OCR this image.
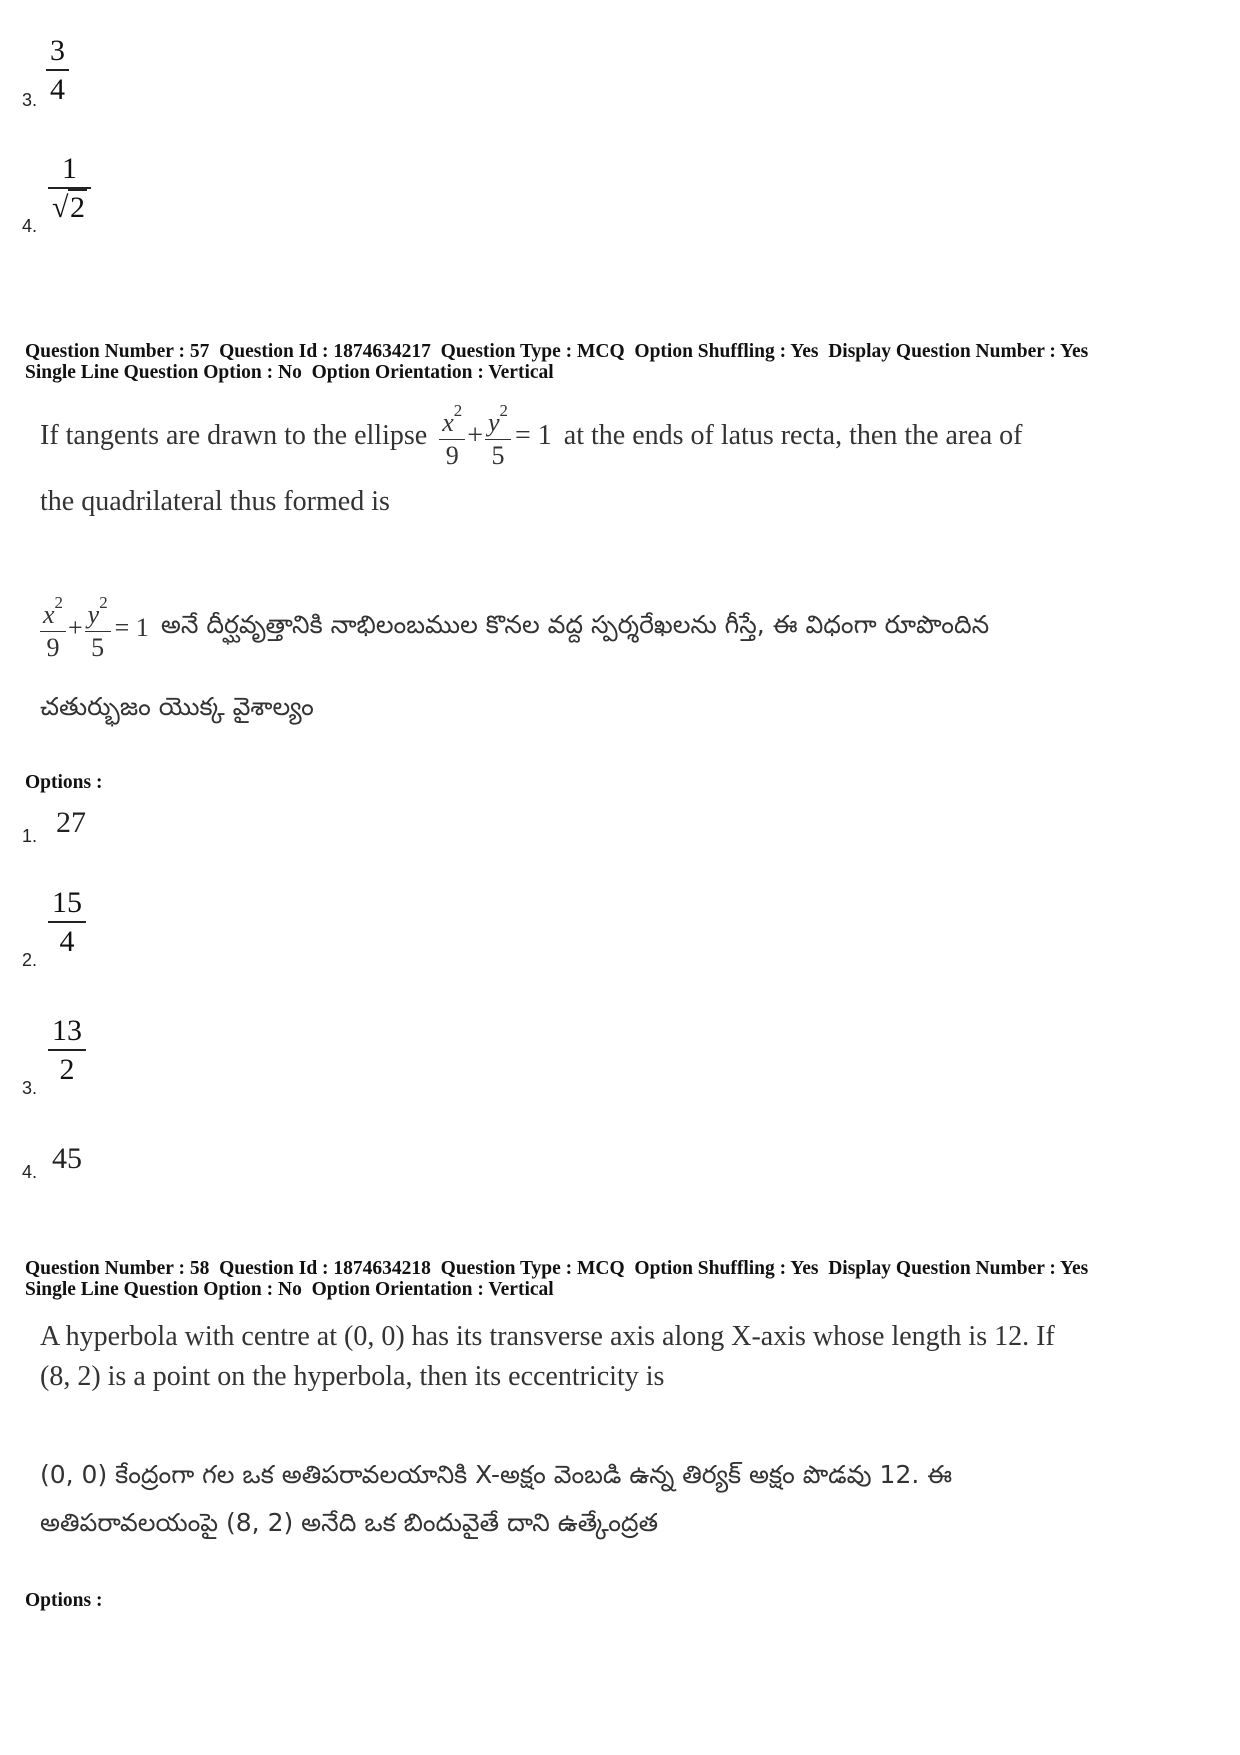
3. $\frac{3}{4}$
4.
$\frac{1}{√ 2}$
Question Number : 57  Question Id : 1874634217  Question Type : MCQ  Option Shuffling : Yes  Display Question Number : Yes
Single Line Question Option : No  Option Orientation : Vertical
If tangents are drawn to the ellipse $\frac{x^2}{9} + \frac{y^2}{5} = 1$ at the ends of latus recta, then the area of
the quadrilateral thus formed is
$\frac{x^2}{9} + \frac{y^2}{5} = 1$ అనే దీర్ఘవృత్తానికి నాభిలంబముల కొనల వద్ద స్పర్శరేఖలను గీస్తే, ఈ విధంగా రూపొందిన
చతుర్భుజం యొక్క వైశాల్యం
Options :
1. 27
2.
$\frac{15}{4}$
3.
$\frac{13}{2}$
4. 45
Question Number : 58  Question Id : 1874634218  Question Type : MCQ  Option Shuffling : Yes  Display Question Number : Yes
Single Line Question Option : No  Option Orientation : Vertical
A hyperbola with centre at (0, 0) has its transverse axis along X-axis whose length is 12. If
(8, 2) is a point on the hyperbola, then its eccentricity is
(0, 0) కేంద్రంగా గల ఒక అతిపరావలయానికి X-అక్షం వెంబడి ఉన్న తిర్యక్ అక్షం పొడవు 12. ఈ
అతిపరావలయంపై (8, 2) అనేది ఒక బిందువైతే దాని ఉత్కేంద్రత
Options :
